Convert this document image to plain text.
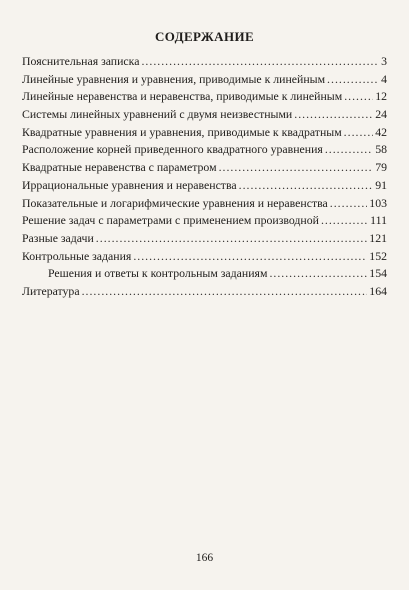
СОДЕРЖАНИЕ
Пояснительная записка .....	3
Линейные уравнения и уравнения, приводимые к линейным .....	4
Линейные неравенства и неравенства, приводимые к линейным .....	12
Системы линейных уравнений с двумя неизвестными .....	24
Квадратные уравнения и уравнения, приводимые к квадратным .....	42
Расположение корней приведенного квадратного уравнения .....	58
Квадратные неравенства с параметром .....	79
Иррациональные уравнения и неравенства .....	91
Показательные и логарифмические уравнения и неравенства .....	103
Решение задач с параметрами с применением производной .....	111
Разные задачи .....	121
Контрольные задания .....	152
Решения и ответы к контрольным заданиям .....	154
Литература .....	164
166
